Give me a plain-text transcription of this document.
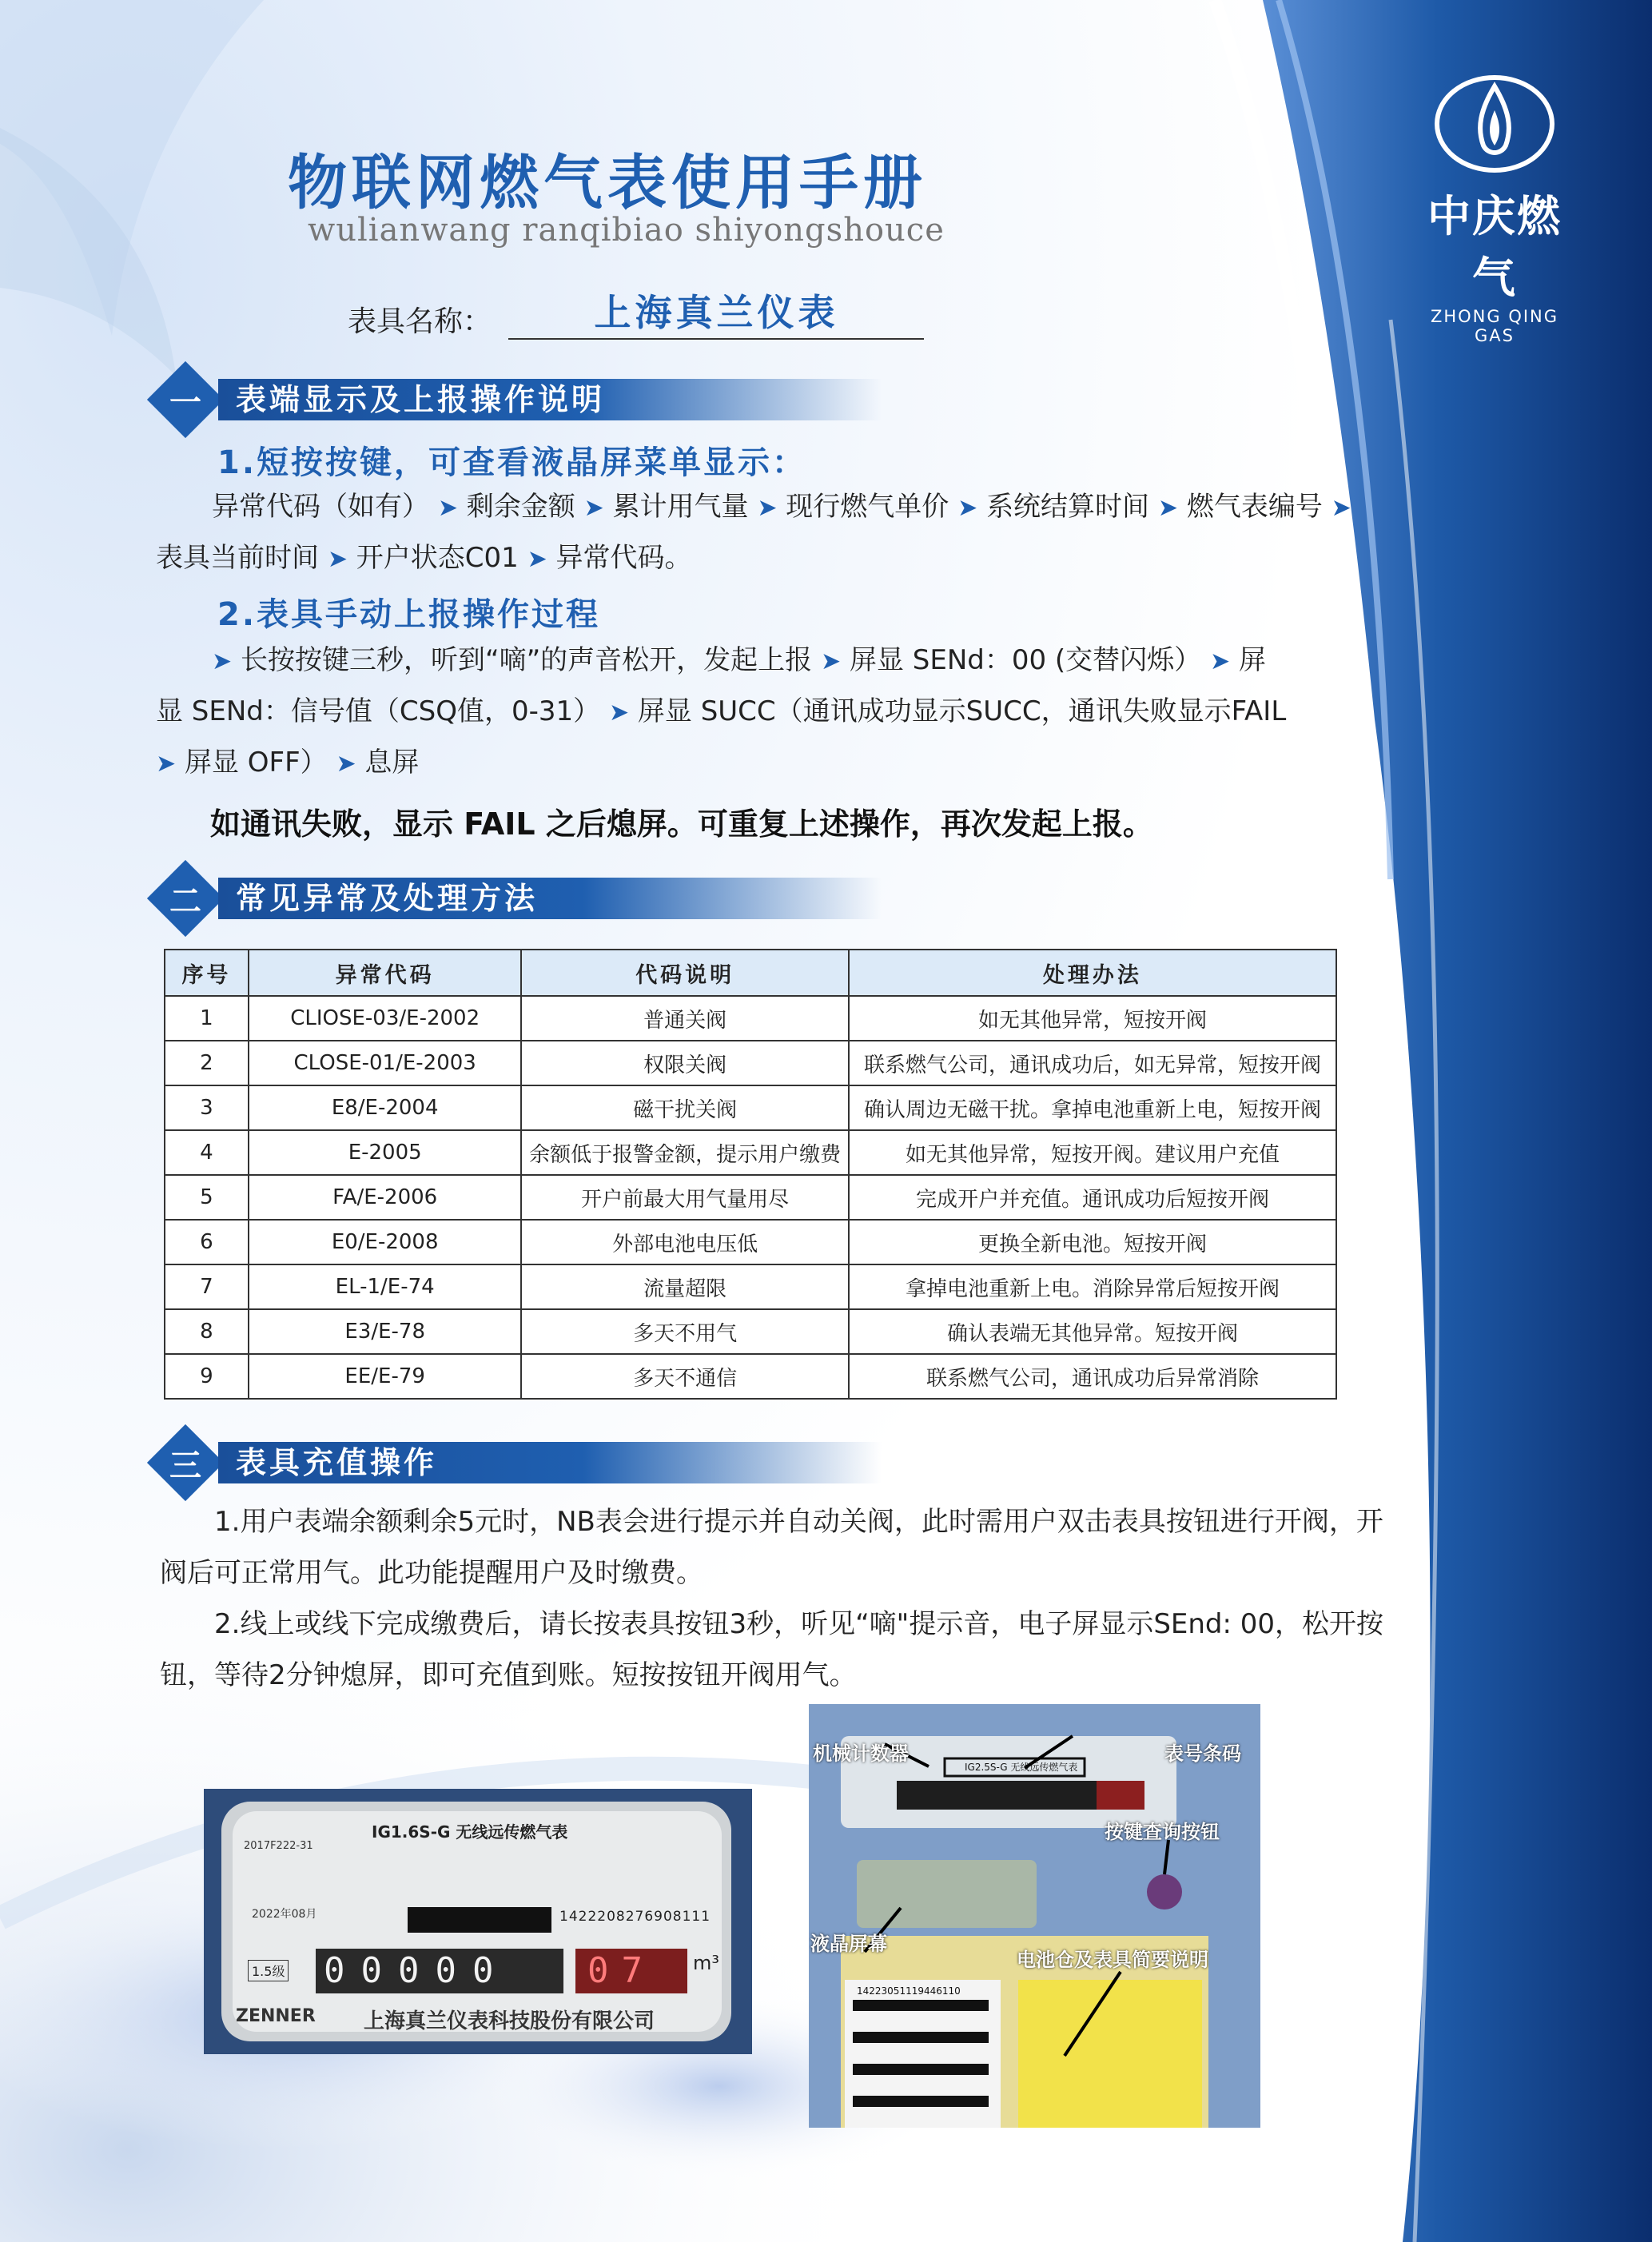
物联网燃气表使用手册
wulianwang ranqibiao shiyongshouce
表具名称：	上海真兰仪表
中庆燃气
ZHONG QING GAS
一	表端显示及上报操作说明
1.短按按键，可查看液晶屏菜单显示：
异常代码（如有） ➤ 剩余金额 ➤ 累计用气量 ➤ 现行燃气单价 ➤ 系统结算时间 ➤ 燃气表编号 ➤ 表具当前时间 ➤ 开户状态C01 ➤ 异常代码。
2.表具手动上报操作过程
➤ 长按按键三秒，听到“嘀”的声音松开，发起上报 ➤ 屏显 SENd：00 (交替闪烁） ➤ 屏显 SENd：信号值（CSQ值，0-31） ➤ 屏显 SUCC（通讯成功显示SUCC，通讯失败显示FAIL ➤ 屏显 OFF） ➤ 息屏
如通讯失败，显示 FAIL 之后熄屏。可重复上述操作，再次发起上报。
二	常见异常及处理方法
序号	异常代码	代码说明	处理办法
1	CLIOSE-03/E-2002	普通关阀	如无其他异常，短按开阀
2	CLOSE-01/E-2003	权限关阀	联系燃气公司，通讯成功后，如无异常，短按开阀
3	E8/E-2004	磁干扰关阀	确认周边无磁干扰。拿掉电池重新上电，短按开阀
4	E-2005	余额低于报警金额，提示用户缴费	如无其他异常，短按开阀。建议用户充值
5	FA/E-2006	开户前最大用气量用尽	完成开户并充值。通讯成功后短按开阀
6	E0/E-2008	外部电池电压低	更换全新电池。短按开阀
7	EL-1/E-74	流量超限	拿掉电池重新上电。消除异常后短按开阀
8	E3/E-78	多天不用气	确认表端无其他异常。短按开阀
9	EE/E-79	多天不通信	联系燃气公司，通讯成功后异常消除
三	表具充值操作
1.用户表端余额剩余5元时，NB表会进行提示并自动关阀，此时需用户双击表具按钮进行开阀，开阀后可正常用气。此功能提醒用户及时缴费。
2.线上或线下完成缴费后，请长按表具按钮3秒，听见“嘀"提示音，电子屏显示SEnd: 00，松开按钮，等待2分钟熄屏，即可充值到账。短按按钮开阀用气。
IG1.6S-G 无线远传燃气表
2017F222-31
2022年08月	1422208276908111
1.5级 00000 07 m³
ZENNER 上海真兰仪表科技股份有限公司
机械计数器	表号条码
IG2.5S-G 无线远传燃气表
按键查询按钮
液晶屏幕
电池仓及表具简要说明
14223051119446110
